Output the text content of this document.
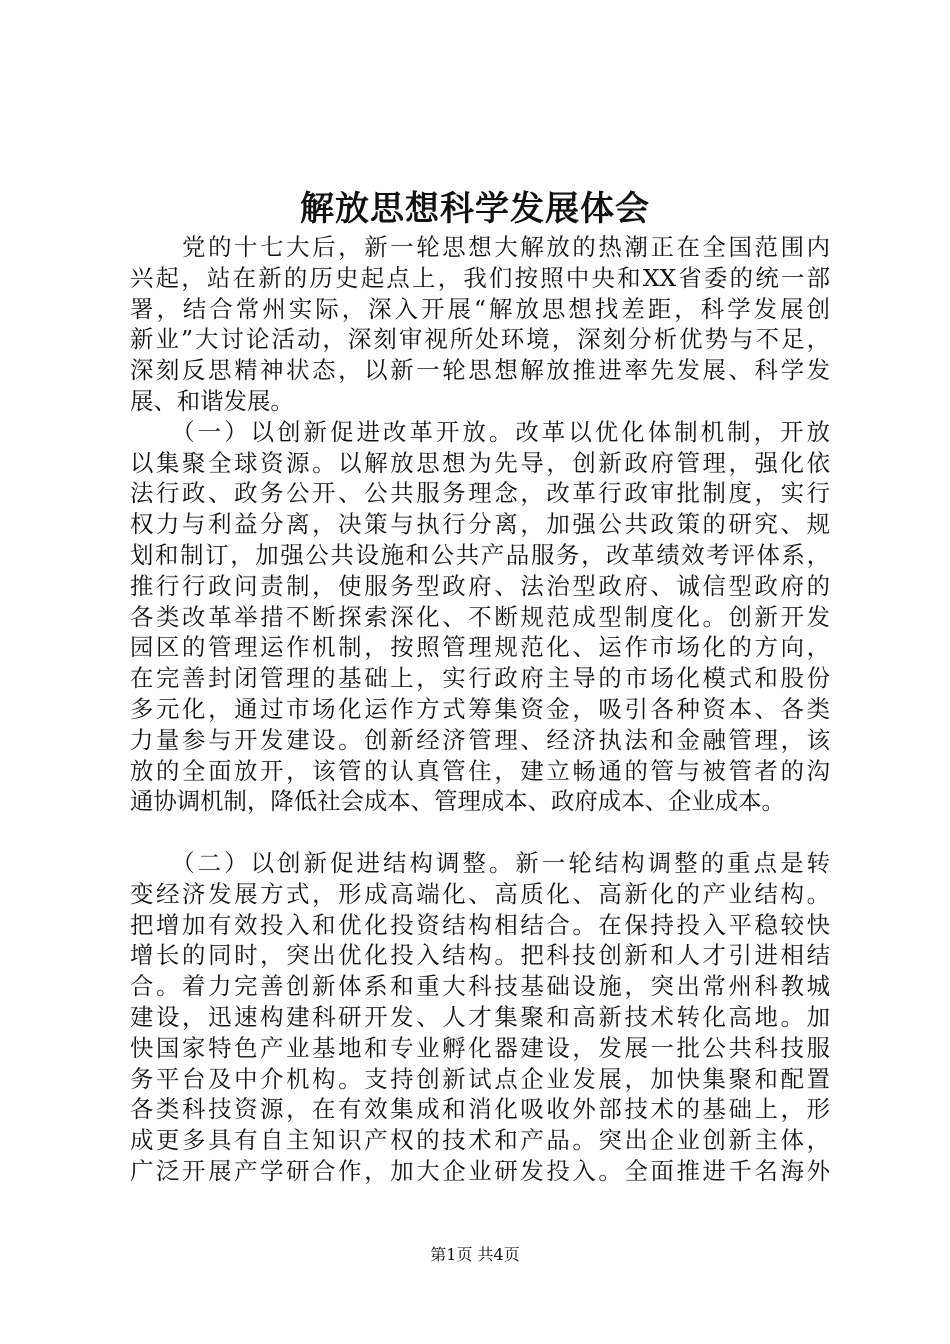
解放思想科学发展体会
　　党的十七大后，新一轮思想大解放的热潮正在全国范围内
兴起，站在新的历史起点上，我们按照中央和XX省委的统一部
署，结合常州实际，深入开展“解放思想找差距，科学发展创
新业”大讨论活动，深刻审视所处环境，深刻分析优势与不足，
深刻反思精神状态，以新一轮思想解放推进率先发展、科学发
展、和谐发展。
　　（一）以创新促进改革开放。改革以优化体制机制，开放
以集聚全球资源。以解放思想为先导，创新政府管理，强化依
法行政、政务公开、公共服务理念，改革行政审批制度，实行
权力与利益分离，决策与执行分离，加强公共政策的研究、规
划和制订，加强公共设施和公共产品服务，改革绩效考评体系，
推行行政问责制，使服务型政府、法治型政府、诚信型政府的
各类改革举措不断探索深化、不断规范成型制度化。创新开发
园区的管理运作机制，按照管理规范化、运作市场化的方向，
在完善封闭管理的基础上，实行政府主导的市场化模式和股份
多元化，通过市场化运作方式筹集资金，吸引各种资本、各类
力量参与开发建设。创新经济管理、经济执法和金融管理，该
放的全面放开，该管的认真管住，建立畅通的管与被管者的沟
通协调机制，降低社会成本、管理成本、政府成本、企业成本。
　　（二）以创新促进结构调整。新一轮结构调整的重点是转
变经济发展方式，形成高端化、高质化、高新化的产业结构。
把增加有效投入和优化投资结构相结合。在保持投入平稳较快
增长的同时，突出优化投入结构。把科技创新和人才引进相结
合。着力完善创新体系和重大科技基础设施，突出常州科教城
建设，迅速构建科研开发、人才集聚和高新技术转化高地。加
快国家特色产业基地和专业孵化器建设，发展一批公共科技服
务平台及中介机构。支持创新试点企业发展，加快集聚和配置
各类科技资源，在有效集成和消化吸收外部技术的基础上，形
成更多具有自主知识产权的技术和产品。突出企业创新主体，
广泛开展产学研合作，加大企业研发投入。全面推进千名海外
第1页 共4页
